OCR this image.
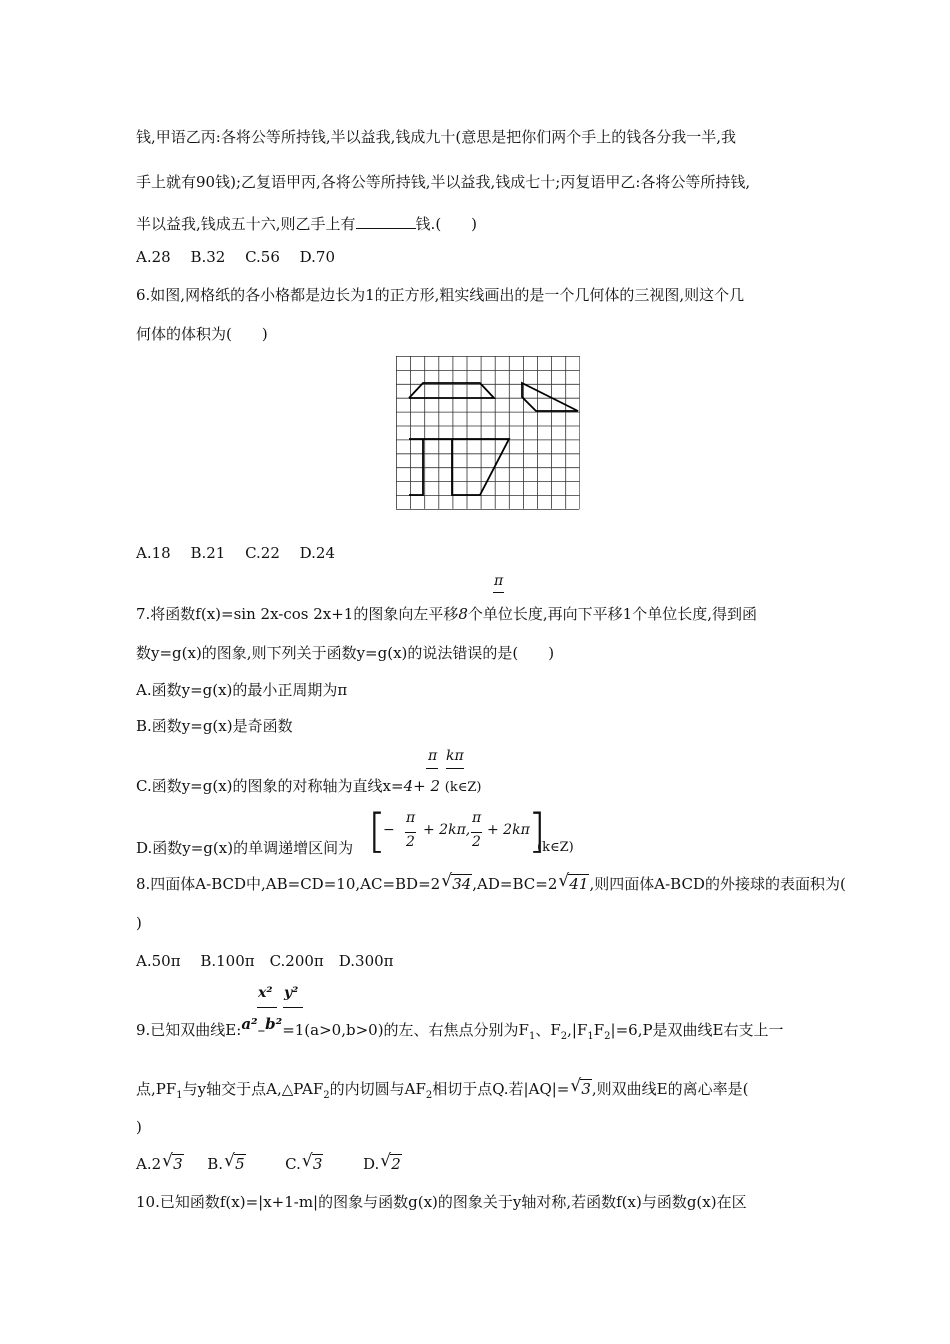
钱,甲语乙丙:各将公等所持钱,半以益我,钱成九十(意思是把你们两个手上的钱各分我一半,我
手上就有90钱);乙复语甲丙,各将公等所持钱,半以益我,钱成七十;丙复语甲乙:各将公等所持钱,
半以益我,钱成五十六,则乙手上有	钱.(　　)
A.28　 B.32　 C.56　 D.70
6.如图,网格纸的各小格都是边长为1的正方形,粗实线画出的是一个几何体的三视图,则这个几
何体的体积为(　　)
A.18　 B.21　 C.22　 D.24
π
7.将函数f(x)=sin 2x-cos 2x+1的图象向左平移8个单位长度,再向下平移1个单位长度,得到函
数y=g(x)的图象,则下列关于函数y=g(x)的说法错误的是(　　)
A.函数y=g(x)的最小正周期为π
B.函数y=g(x)是奇函数
π kπ
C.函数y=g(x)的图象的对称轴为直线x=4+ 2 (k∈Z)
[
−
π
2
+ 2kπ,
π
2
+ 2kπ
]
D.函数y=g(x)的单调递增区间为	(k∈Z)
8.四面体A-BCD中,AB=CD=10,AC=BD=2 √ 34,AD=BC=2 √ 41,则四面体A-BCD的外接球的表面积为(
)
A.50π　 B.100π　C.200π　D.300π
x² y²
9.已知双曲线E:a²–b²=1(a>0,b>0)的左、右焦点分别为$F_1$、$F_2,|F_1F_2|=6,P$是双曲线E右支上一
点$,PF_1$与y轴交于点$A,\triangle PAF_2$的内切圆与$AF_2$相切于点Q.若|AQ|= √ 3,则双曲线E的离心率是(
)
A.2 √ 3 B. √ 5	C. √ 3	D. √ 2
10.已知函数f(x)=|x+1-m|的图象与函数g(x)的图象关于y轴对称,若函数f(x)与函数g(x)在区
